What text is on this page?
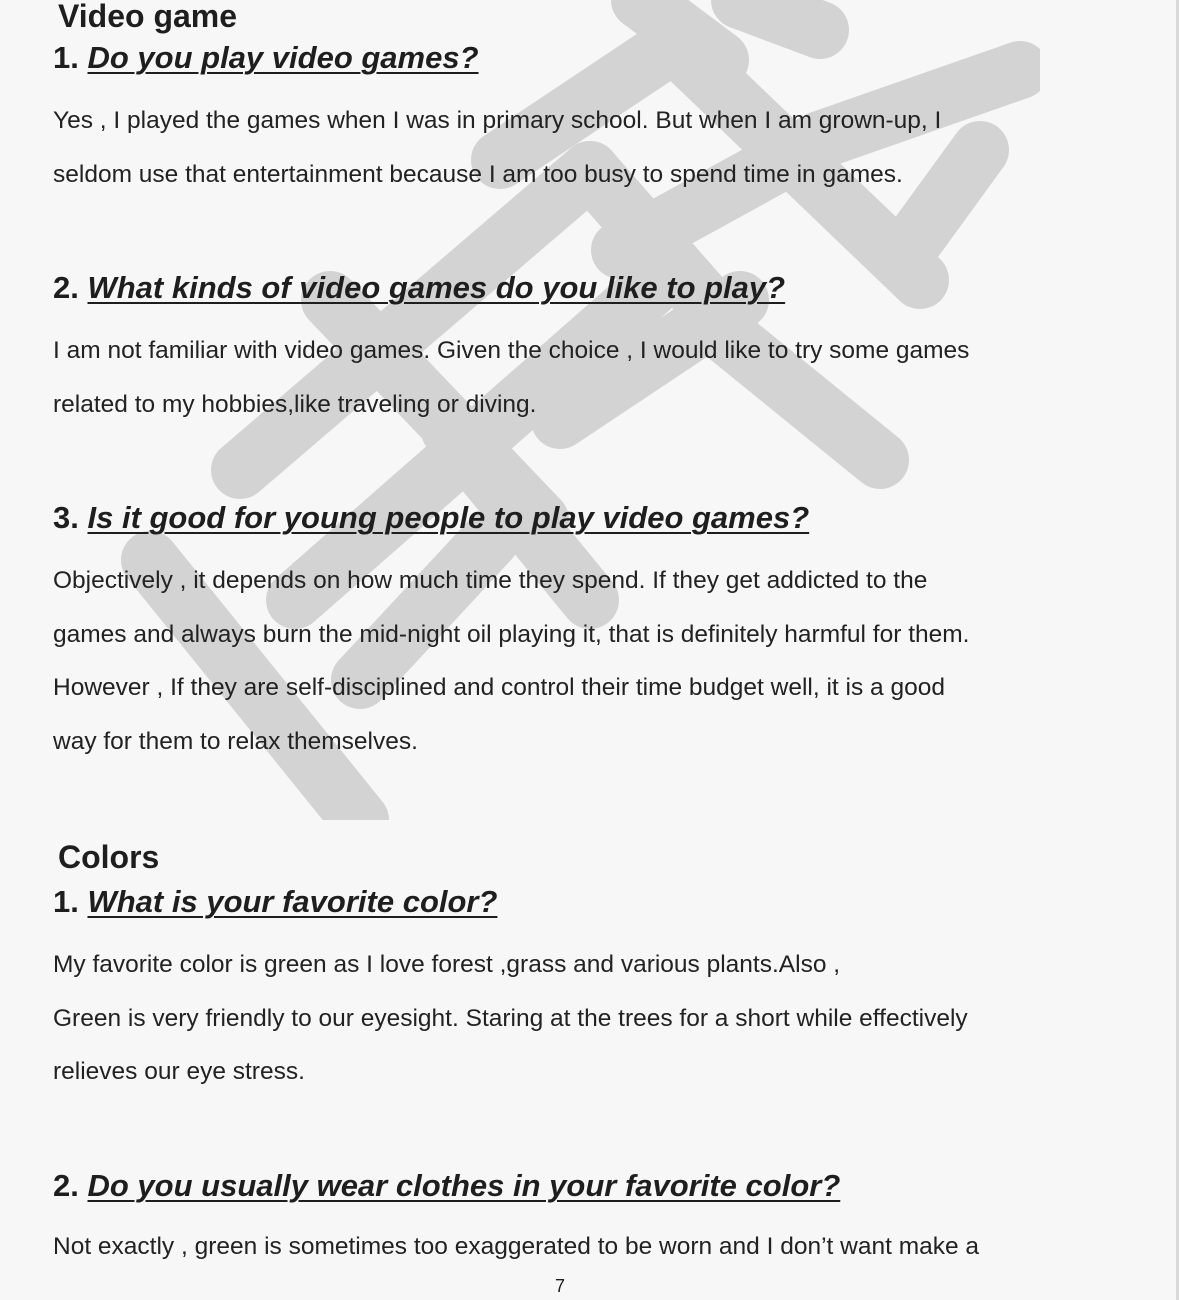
Video game
1. Do you play video games?
Yes , I played the games when I was in primary school. But when I am grown-up, I
seldom use that entertainment because I am too busy to spend time in games.
2. What kinds of video games do you like to play?
I am not familiar with video games. Given the choice , I would like to try some games
related to my hobbies,like traveling or diving.
3. Is it good for young people to play video games?
Objectively , it depends on how much time they spend. If they get addicted to the
games and always burn the mid-night oil playing it, that is definitely harmful for them.
However , If they are self-disciplined and control their time budget well, it is a good
way for them to relax themselves.
Colors
1. What is your favorite color?
My favorite color is green as I love forest ,grass and various plants.Also ,
Green is very friendly to our eyesight. Staring at the trees for a short while effectively
relieves our eye stress.
2. Do you usually wear clothes in your favorite color?
Not exactly , green is sometimes too exaggerated to be worn and I don’t want make a
7
